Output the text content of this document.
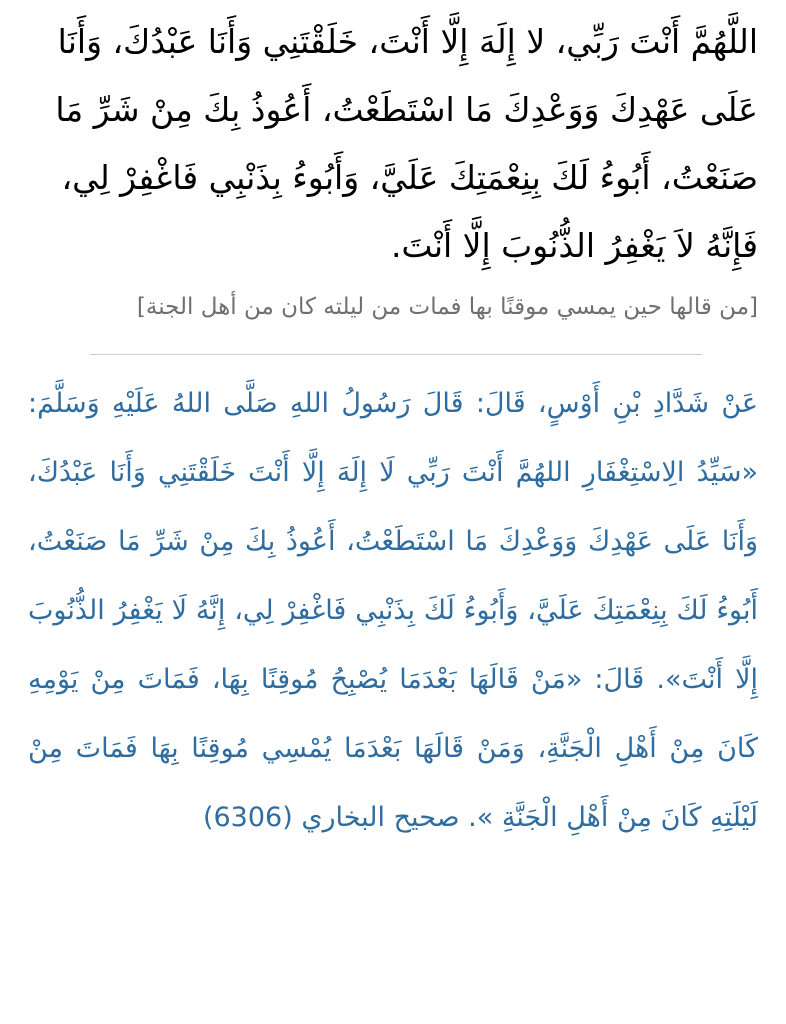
اللَّهُمَّ أَنْتَ رَبِّي، لا إِلَهَ إِلَّا أَنْتَ، خَلَقْتَنِي وَأَنَا عَبْدُكَ، وَأَنَا عَلَى عَهْدِكَ وَوَعْدِكَ مَا اسْتَطَعْتُ، أَعُوذُ بِكَ مِنْ شَرِّ مَا صَنَعْتُ، أَبُوءُ لَكَ بِنِعْمَتِكَ عَلَيَّ، وَأَبُوءُ بِذَنْبِي فَاغْفِرْ لِي، فَإِنَّهُ لاَ يَغْفِرُ الذُّنُوبَ إِلَّا أَنْتَ.

[من قالها حين يمسي موقنًا بها فمات من ليلته كان من أهل الجنة]

عَنْ شَدَّادِ بْنِ أَوْسٍ، قَالَ: قَالَ رَسُولُ اللهِ صَلَّى اللهُ عَلَيْهِ وَسَلَّمَ: «سَيِّدُ الِاسْتِغْفَارِ اللهُمَّ أَنْتَ رَبِّي لَا إِلَهَ إِلَّا أَنْتَ خَلَقْتَنِي وَأَنَا عَبْدُكَ، وَأَنَا عَلَى عَهْدِكَ وَوَعْدِكَ مَا اسْتَطَعْتُ، أَعُوذُ بِكَ مِنْ شَرِّ مَا صَنَعْتُ، أَبُوءُ لَكَ بِنِعْمَتِكَ عَلَيَّ، وَأَبُوءُ لَكَ بِذَنْبِي فَاغْفِرْ لِي، إِنَّهُ لَا يَغْفِرُ الذُّنُوبَ إِلَّا أَنْتَ». قَالَ: «مَنْ قَالَهَا بَعْدَمَا يُصْبِحُ مُوقِنًا بِهَا، فَمَاتَ مِنْ يَوْمِهِ كَانَ مِنْ أَهْلِ الْجَنَّةِ، وَمَنْ قَالَهَا بَعْدَمَا يُمْسِي مُوقِنًا بِهَا فَمَاتَ مِنْ لَيْلَتِهِ كَانَ مِنْ أَهْلِ الْجَنَّةِ ». صحيح البخاري (6306)
